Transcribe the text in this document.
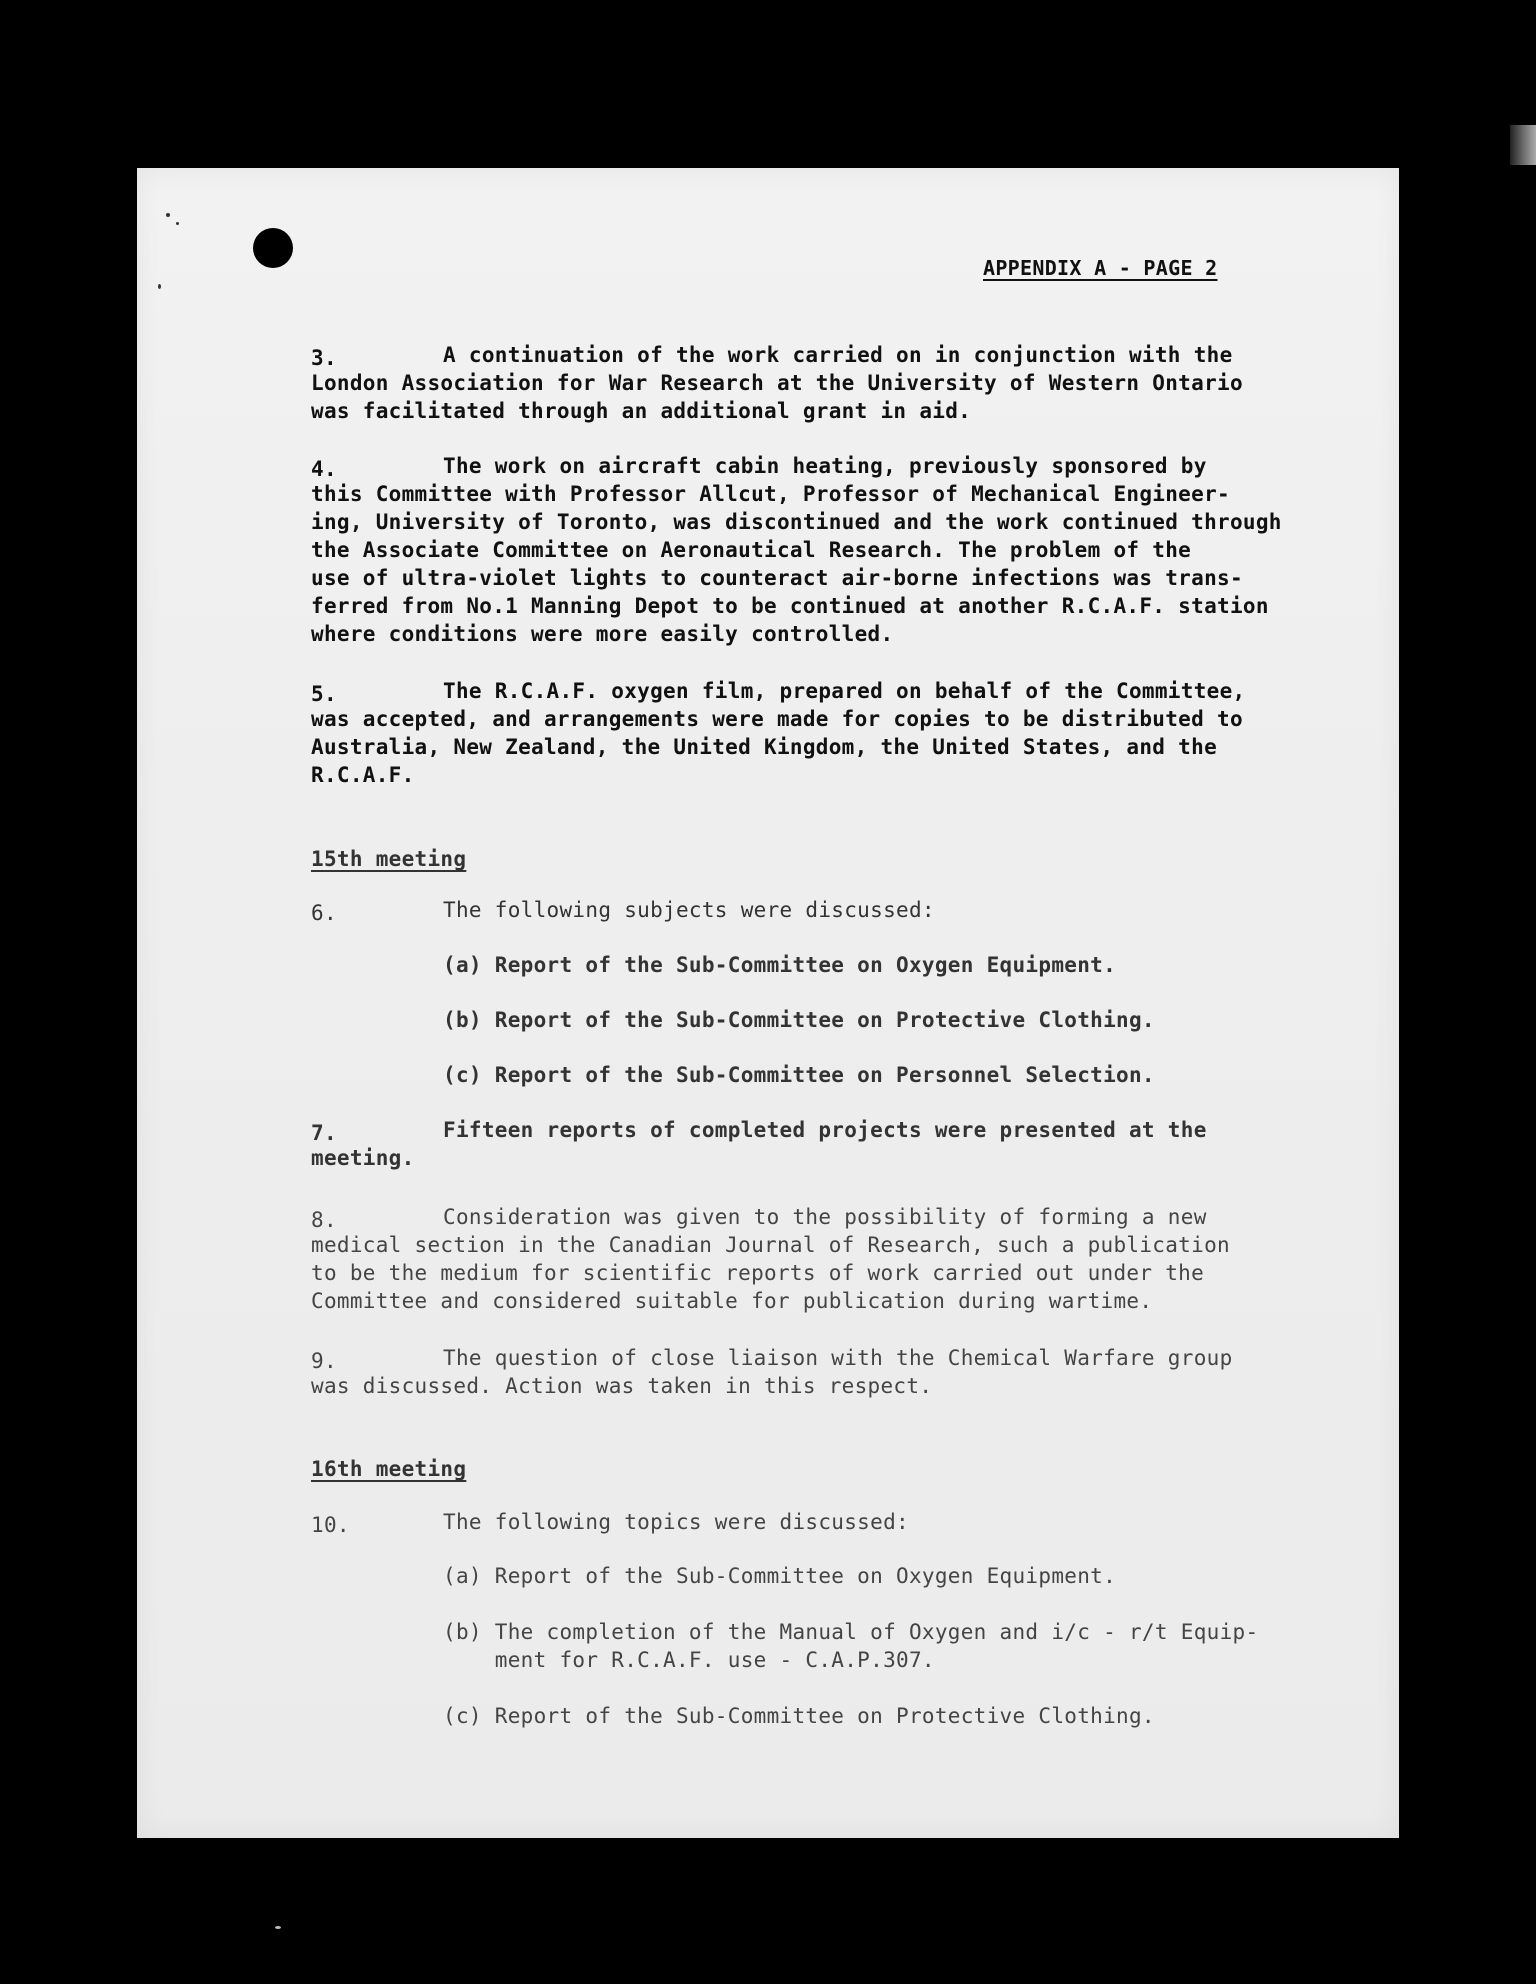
APPENDIX A - PAGE 2
3.	A continuation of the work carried on in conjunction with the
London Association for War Research at the University of Western Ontario
was facilitated through an additional grant in aid.
4.	The work on aircraft cabin heating, previously sponsored by
this Committee with Professor Allcut, Professor of Mechanical Engineer-
ing, University of Toronto, was discontinued and the work continued through
the Associate Committee on Aeronautical Research. The problem of the
use of ultra-violet lights to counteract air-borne infections was trans-
ferred from No.1 Manning Depot to be continued at another R.C.A.F. station
where conditions were more easily controlled.
5.	The R.C.A.F. oxygen film, prepared on behalf of the Committee,
was accepted, and arrangements were made for copies to be distributed to
Australia, New Zealand, the United Kingdom, the United States, and the
R.C.A.F.
15th meeting
6.	The following subjects were discussed:
(a) Report of the Sub-Committee on Oxygen Equipment.
(b) Report of the Sub-Committee on Protective Clothing.
(c) Report of the Sub-Committee on Personnel Selection.
7.	Fifteen reports of completed projects were presented at the
meeting.
8.	Consideration was given to the possibility of forming a new
medical section in the Canadian Journal of Research, such a publication
to be the medium for scientific reports of work carried out under the
Committee and considered suitable for publication during wartime.
9.	The question of close liaison with the Chemical Warfare group
was discussed. Action was taken in this respect.
16th meeting
10.	The following topics were discussed:
(a) Report of the Sub-Committee on Oxygen Equipment.
(b) The completion of the Manual of Oxygen and i/c - r/t Equip-
ment for R.C.A.F. use - C.A.P.307.
(c) Report of the Sub-Committee on Protective Clothing.
